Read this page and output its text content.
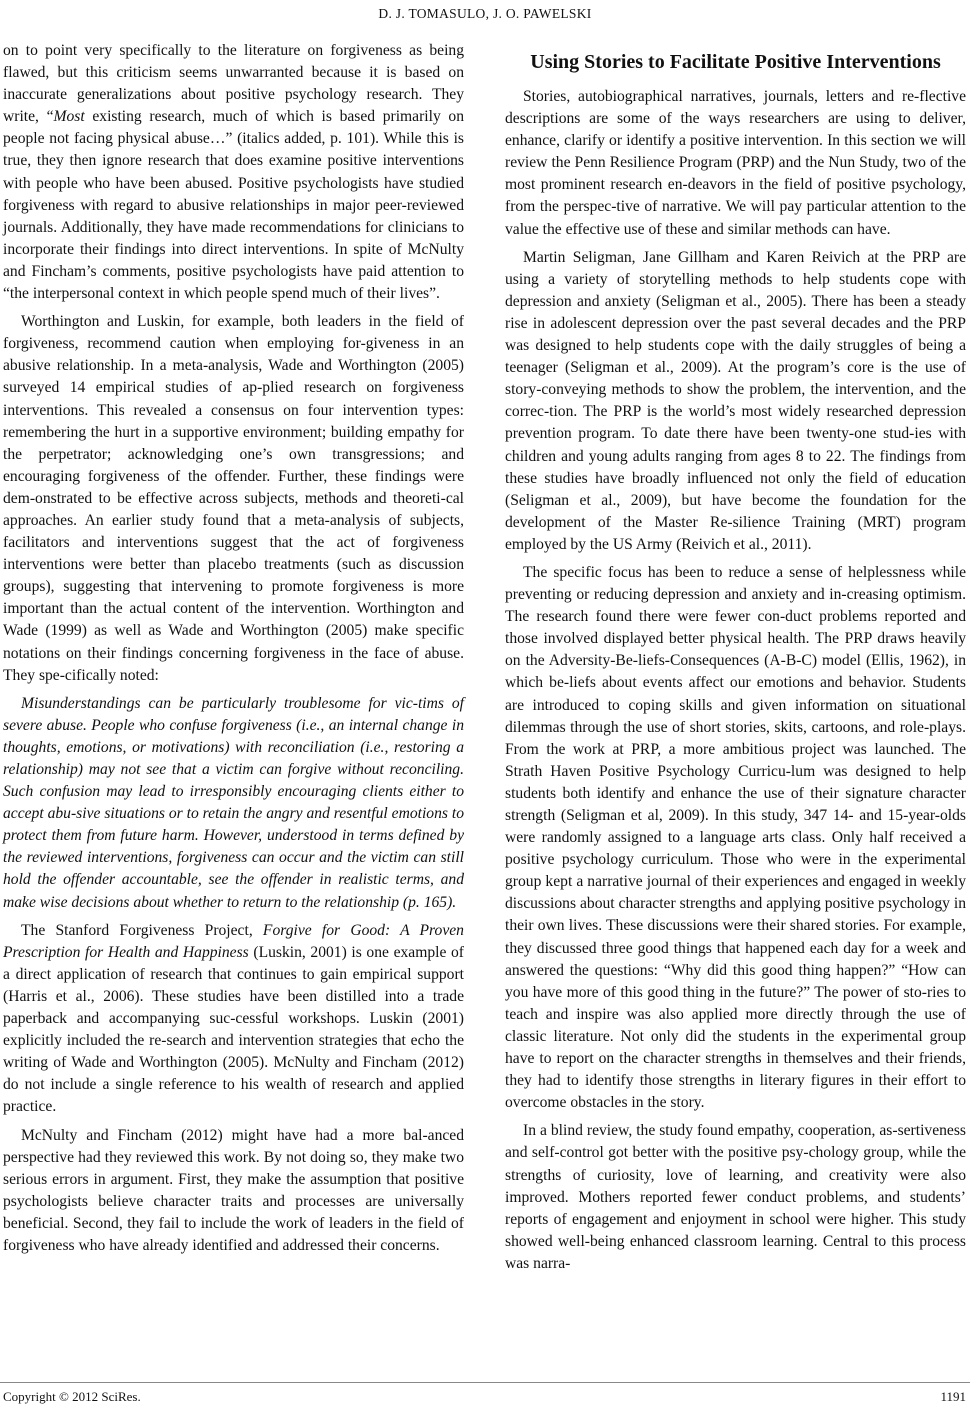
D. J. TOMASULO, J. O. PAWELSKI

on to point very specifically to the literature on forgiveness as being flawed, but this criticism seems unwarranted because it is based on inaccurate generalizations about positive psychology research. They write, “Most existing research, much of which is based primarily on people not facing physical abuse…” (italics added, p. 101). While this is true, they then ignore research that does examine positive interventions with people who have been abused. Positive psychologists have studied forgiveness with regard to abusive relationships in major peer-reviewed journals. Additionally, they have made recommendations for clinicians to incorporate their findings into direct interventions. In spite of McNulty and Fincham’s comments, positive psychologists have paid attention to “the interpersonal context in which people spend much of their lives”.

Worthington and Luskin, for example, both leaders in the field of forgiveness, recommend caution when employing for-giveness in an abusive relationship. In a meta-analysis, Wade and Worthington (2005) surveyed 14 empirical studies of ap-plied research on forgiveness interventions. This revealed a consensus on four intervention types: remembering the hurt in a supportive environment; building empathy for the perpetrator; acknowledging one’s own transgressions; and encouraging forgiveness of the offender. Further, these findings were dem-onstrated to be effective across subjects, methods and theoreti-cal approaches. An earlier study found that a meta-analysis of subjects, facilitators and interventions suggest that the act of forgiveness interventions were better than placebo treatments (such as discussion groups), suggesting that intervening to promote forgiveness is more important than the actual content of the intervention. Worthington and Wade (1999) as well as Wade and Worthington (2005) make specific notations on their findings concerning forgiveness in the face of abuse. They spe-cifically noted:

Misunderstandings can be particularly troublesome for vic-tims of severe abuse. People who confuse forgiveness (i.e., an internal change in thoughts, emotions, or motivations) with reconciliation (i.e., restoring a relationship) may not see that a victim can forgive without reconciling. Such confusion may lead to irresponsibly encouraging clients either to accept abu-sive situations or to retain the angry and resentful emotions to protect them from future harm. However, understood in terms defined by the reviewed interventions, forgiveness can occur and the victim can still hold the offender accountable, see the offender in realistic terms, and make wise decisions about whether to return to the relationship (p. 165).

The Stanford Forgiveness Project, Forgive for Good: A Proven Prescription for Health and Happiness (Luskin, 2001) is one example of a direct application of research that continues to gain empirical support (Harris et al., 2006). These studies have been distilled into a trade paperback and accompanying suc-cessful workshops. Luskin (2001) explicitly included the re-search and intervention strategies that echo the writing of Wade and Worthington (2005). McNulty and Fincham (2012) do not include a single reference to his wealth of research and applied practice.

McNulty and Fincham (2012) might have had a more bal-anced perspective had they reviewed this work. By not doing so, they make two serious errors in argument. First, they make the assumption that positive psychologists believe character traits and processes are universally beneficial. Second, they fail to include the work of leaders in the field of forgiveness who have already identified and addressed their concerns.

Using Stories to Facilitate Positive Interventions

Stories, autobiographical narratives, journals, letters and re-flective descriptions are some of the ways researchers are using to deliver, enhance, clarify or identify a positive intervention. In this section we will review the Penn Resilience Program (PRP) and the Nun Study, two of the most prominent research en-deavors in the field of positive psychology, from the perspec-tive of narrative. We will pay particular attention to the value the effective use of these and similar methods can have.

Martin Seligman, Jane Gillham and Karen Reivich at the PRP are using a variety of storytelling methods to help students cope with depression and anxiety (Seligman et al., 2005). There has been a steady rise in adolescent depression over the past several decades and the PRP was designed to help students cope with the daily struggles of being a teenager (Seligman et al., 2009). At the program’s core is the use of story-conveying methods to show the problem, the intervention, and the correc-tion. The PRP is the world’s most widely researched depression prevention program. To date there have been twenty-one stud-ies with children and young adults ranging from ages 8 to 22. The findings from these studies have broadly influenced not only the field of education (Seligman et al., 2009), but have become the foundation for the development of the Master Re-silience Training (MRT) program employed by the US Army (Reivich et al., 2011).

The specific focus has been to reduce a sense of helplessness while preventing or reducing depression and anxiety and in-creasing optimism. The research found there were fewer con-duct problems reported and those involved displayed better physical health. The PRP draws heavily on the Adversity-Be-liefs-Consequences (A-B-C) model (Ellis, 1962), in which be-liefs about events affect our emotions and behavior. Students are introduced to coping skills and given information on situational dilemmas through the use of short stories, skits, cartoons, and role-plays. From the work at PRP, a more ambitious project was launched. The Strath Haven Positive Psychology Curricu-lum was designed to help students both identify and enhance the use of their signature character strength (Seligman et al, 2009). In this study, 347 14- and 15-year-olds were randomly assigned to a language arts class. Only half received a positive psychology curriculum. Those who were in the experimental group kept a narrative journal of their experiences and engaged in weekly discussions about character strengths and applying positive psychology in their own lives. These discussions were their shared stories. For example, they discussed three good things that happened each day for a week and answered the questions: “Why did this good thing happen?” “How can you have more of this good thing in the future?” The power of sto-ries to teach and inspire was also applied more directly through the use of classic literature. Not only did the students in the experimental group have to report on the character strengths in themselves and their friends, they had to identify those strengths in literary figures in their effort to overcome obstacles in the story.

In a blind review, the study found empathy, cooperation, as-sertiveness and self-control got better with the positive psy-chology group, while the strengths of curiosity, love of learning, and creativity were also improved. Mothers reported fewer conduct problems, and students’ reports of engagement and enjoyment in school were higher. This study showed well-being enhanced classroom learning. Central to this process was narra-

Copyright © 2012 SciRes.	1191
